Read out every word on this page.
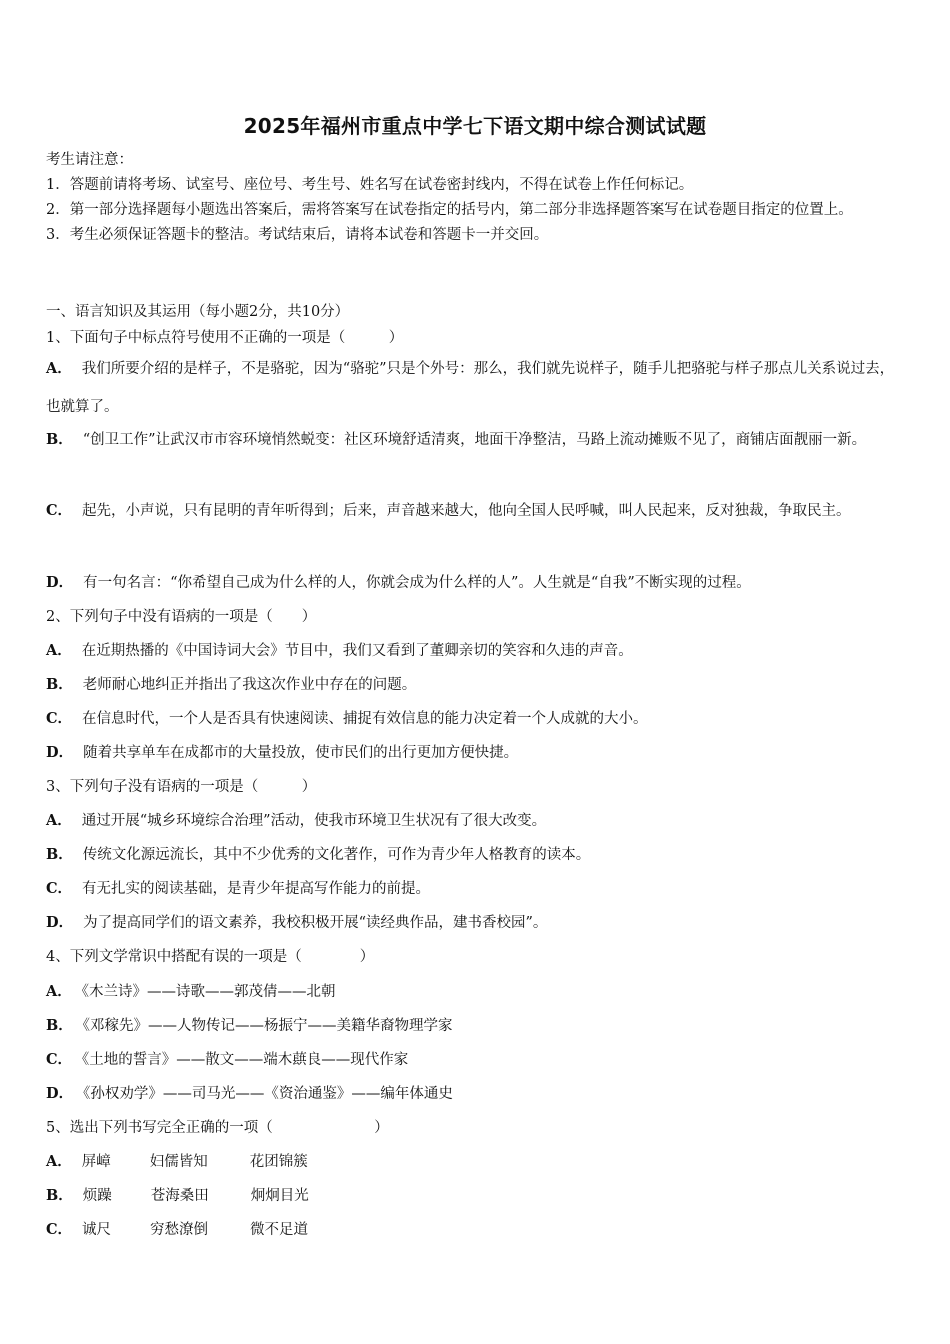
2025年福州市重点中学七下语文期中综合测试试题

考生请注意：

1．答题前请将考场、试室号、座位号、考生号、姓名写在试卷密封线内，不得在试卷上作任何标记。

2．第一部分选择题每小题选出答案后，需将答案写在试卷指定的括号内，第二部分非选择题答案写在试卷题目指定的位置上。

3．考生必须保证答题卡的整洁。考试结束后，请将本试卷和答题卡一并交回。

一、语言知识及其运用（每小题2分，共10分）

1、下面句子中标点符号使用不正确的一项是（　　　）

A． 我们所要介绍的是样子，不是骆驼，因为“骆驼”只是个外号：那么，我们就先说样子，随手儿把骆驼与样子那点儿关系说过去，也就算了。

B． “创卫工作”让武汉市市容环境悄然蜕变：社区环境舒适清爽，地面干净整洁，马路上流动摊贩不见了，商铺店面靓丽一新。

C． 起先，小声说，只有昆明的青年听得到；后来，声音越来越大，他向全国人民呼喊，叫人民起来，反对独裁，争取民主。

D． 有一句名言：“你希望自己成为什么样的人，你就会成为什么样的人”。人生就是“自我”不断实现的过程。

2、下列句子中没有语病的一项是（　　）

A． 在近期热播的《中国诗词大会》节目中，我们又看到了董卿亲切的笑容和久违的声音。

B． 老师耐心地纠正并指出了我这次作业中存在的问题。

C． 在信息时代，一个人是否具有快速阅读、捕捉有效信息的能力决定着一个人成就的大小。

D． 随着共享单车在成都市的大量投放，使市民们的出行更加方便快捷。

3、下列句子没有语病的一项是（　　　）

A． 通过开展“城乡环境综合治理”活动，使我市环境卫生状况有了很大改变。

B． 传统文化源远流长，其中不少优秀的文化著作，可作为青少年人格教育的读本。

C． 有无扎实的阅读基础，是青少年提高写作能力的前提。

D． 为了提高同学们的语文素养，我校积极开展“读经典作品，建书香校园”。

4、下列文学常识中搭配有误的一项是（　　　　）

A． 《木兰诗》——诗歌——郭茂倩——北朝

B． 《邓稼先》——人物传记——杨振宁——美籍华裔物理学家

C． 《土地的誓言》——散文——端木蕻良——现代作家

D． 《孙权劝学》——司马光——《资治通鉴》——编年体通史

5、选出下列书写完全正确的一项（　　　　　　　）

A． 屏嶂	妇儒皆知	花团锦簇

B． 烦躁	苍海桑田	炯炯目光

C． 诚尺	穷愁潦倒	微不足道
